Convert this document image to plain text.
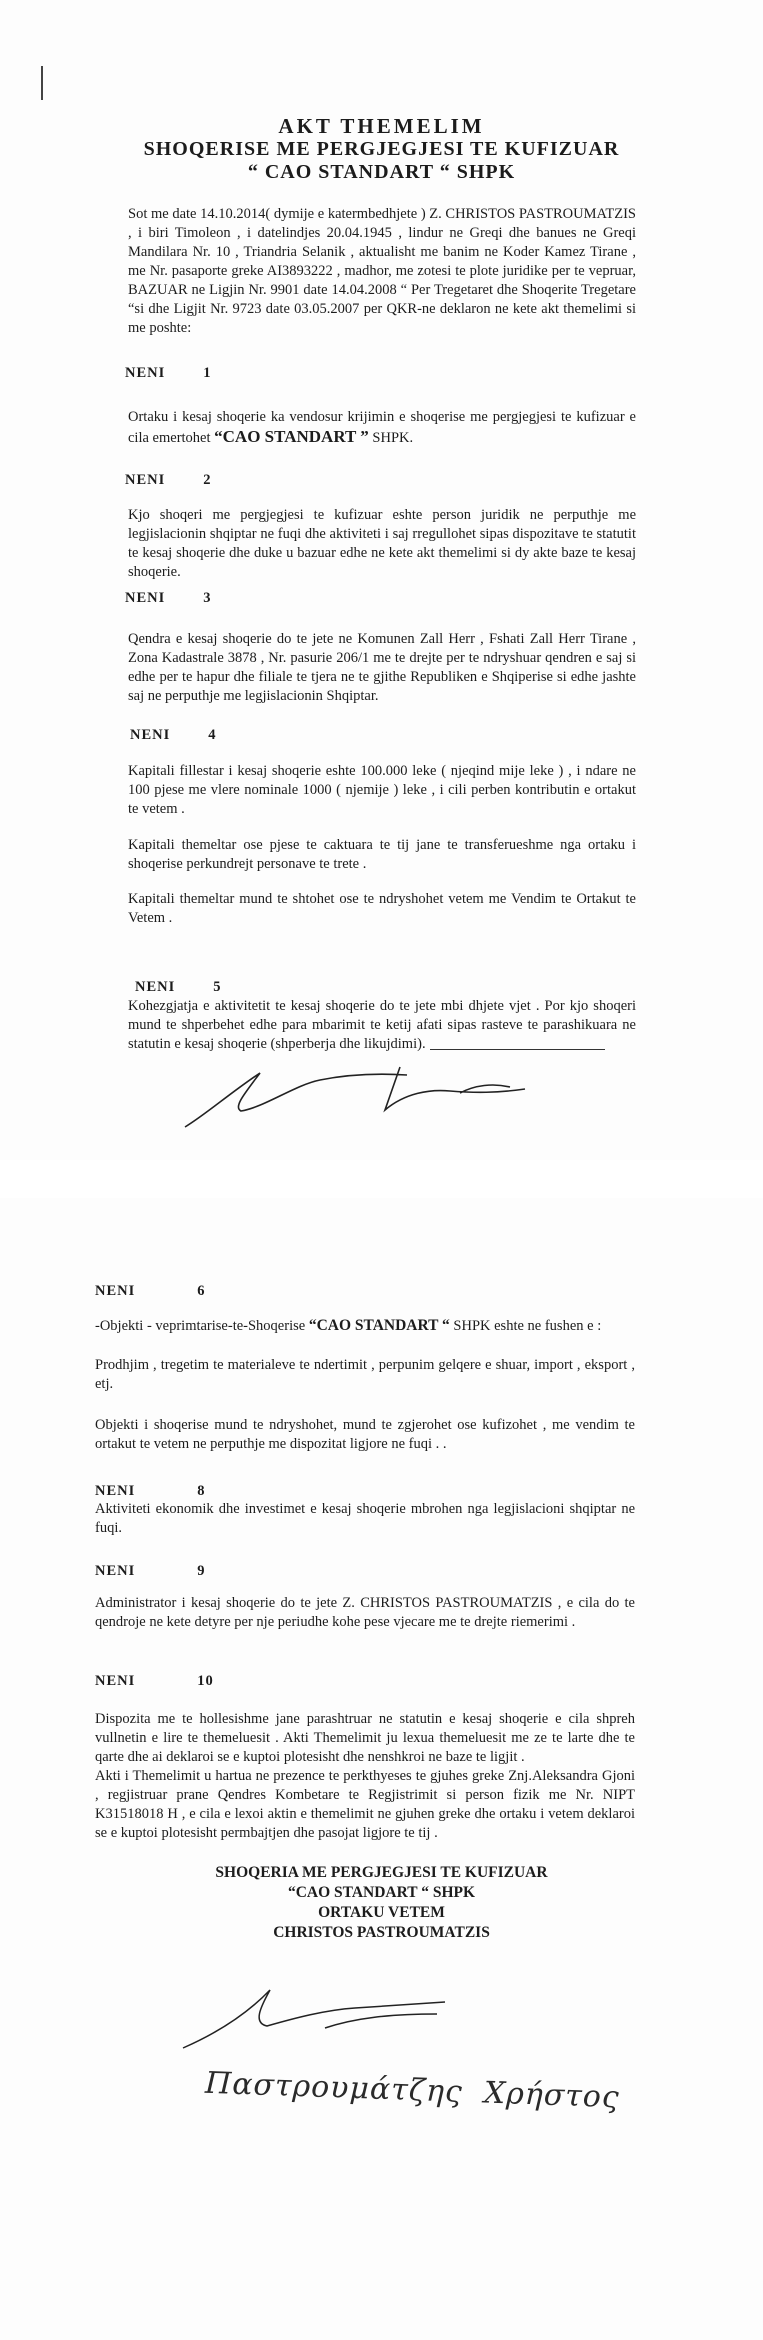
AKT THEMELIM
SHOQERISE ME PERGJEGJESI TE KUFIZUAR
“ CAO STANDART “ SHPK
Sot me date 14.10.2014( dymije e katermbedhjete ) Z. CHRISTOS PASTROUMATZIS , i biri Timoleon , i datelindjes 20.04.1945 , lindur ne Greqi dhe banues ne Greqi Mandilara Nr. 10 , Triandria Selanik , aktualisht me banim ne Koder Kamez Tirane , me Nr. pasaporte greke AI3893222 , madhor, me zotesi te plote juridike per te vepruar, BAZUAR ne Ligjin Nr. 9901 date 14.04.2008 “ Per Tregetaret dhe Shoqerite Tregetare “si dhe Ligjit Nr. 9723 date 03.05.2007 per QKR-ne deklaron ne kete akt themelimi si me poshte:
NENI	1
Ortaku i kesaj shoqerie ka vendosur krijimin e shoqerise me pergjegjesi te kufizuar e cila emertohet “CAO STANDART ” SHPK.
NENI	2
Kjo shoqeri me pergjegjesi te kufizuar eshte person juridik ne perputhje me legjislacionin shqiptar ne fuqi dhe aktiviteti i saj rregullohet sipas dispozitave te statutit te kesaj shoqerie dhe duke u bazuar edhe ne kete akt themelimi si dy akte baze te kesaj shoqerie.
NENI	3
Qendra e kesaj shoqerie do te jete ne Komunen Zall Herr , Fshati Zall Herr Tirane , Zona Kadastrale 3878 , Nr. pasurie 206/1 me te drejte per te ndryshuar qendren e saj si edhe per te hapur dhe filiale te tjera ne te gjithe Republiken e Shqiperise si edhe jashte saj ne perputhje me legjislacionin Shqiptar.
NENI	4
Kapitali fillestar i kesaj shoqerie eshte 100.000 leke ( njeqind mije leke ) , i ndare ne 100 pjese me vlere nominale 1000 ( njemije ) leke , i cili perben kontributin e ortakut te vetem .
Kapitali themeltar ose pjese te caktuara te tij jane te transferueshme nga ortaku i shoqerise perkundrejt personave te trete .
Kapitali themeltar mund te shtohet ose te ndryshohet vetem me Vendim te Ortakut te Vetem .
NENI	5
Kohezgjatja e aktivitetit te kesaj shoqerie do te jete mbi dhjete vjet . Por kjo shoqeri mund te shperbehet edhe para mbarimit te ketij afati sipas rasteve te parashikuara ne statutin e kesaj shoqerie (shperberja dhe likujdimi).
NENI	6
-Objekti - veprimtarise-te-Shoqerise “CAO STANDART “ SHPK eshte ne fushen e :
Prodhjim , tregetim te materialeve te ndertimit , perpunim gelqere e shuar, import , eksport , etj.
Objekti i shoqerise mund te ndryshohet, mund te zgjerohet ose kufizohet , me vendim te ortakut te vetem ne perputhje me dispozitat ligjore ne fuqi . .
NENI	8
Aktiviteti ekonomik dhe investimet e kesaj shoqerie mbrohen nga legjislacioni shqiptar ne fuqi.
NENI	9
Administrator i kesaj shoqerie do te jete Z. CHRISTOS PASTROUMATZIS , e cila do te qendroje ne kete detyre per nje periudhe kohe pese vjecare me te drejte riemerimi .
NENI	10
Dispozita me te hollesishme jane parashtruar ne statutin e kesaj shoqerie e cila shpreh vullnetin e lire te themeluesit . Akti Themelimit ju lexua themeluesit me ze te larte dhe te qarte dhe ai deklaroi se e kuptoi plotesisht dhe nenshkroi ne baze te ligjit .
Akti i Themelimit u hartua ne prezence te perkthyeses te gjuhes greke Znj.Aleksandra Gjoni , regjistruar prane Qendres Kombetare te Regjistrimit si person fizik me Nr. NIPT K31518018 H , e cila e lexoi aktin e themelimit ne gjuhen greke dhe ortaku i vetem deklaroi se e kuptoi plotesisht permbajtjen dhe pasojat ligjore te tij .
SHOQERIA ME PERGJEGJESI TE KUFIZUAR
“CAO STANDART “ SHPK
ORTAKU VETEM
CHRISTOS PASTROUMATZIS
Παστρουμάτζης  Χρήστος
